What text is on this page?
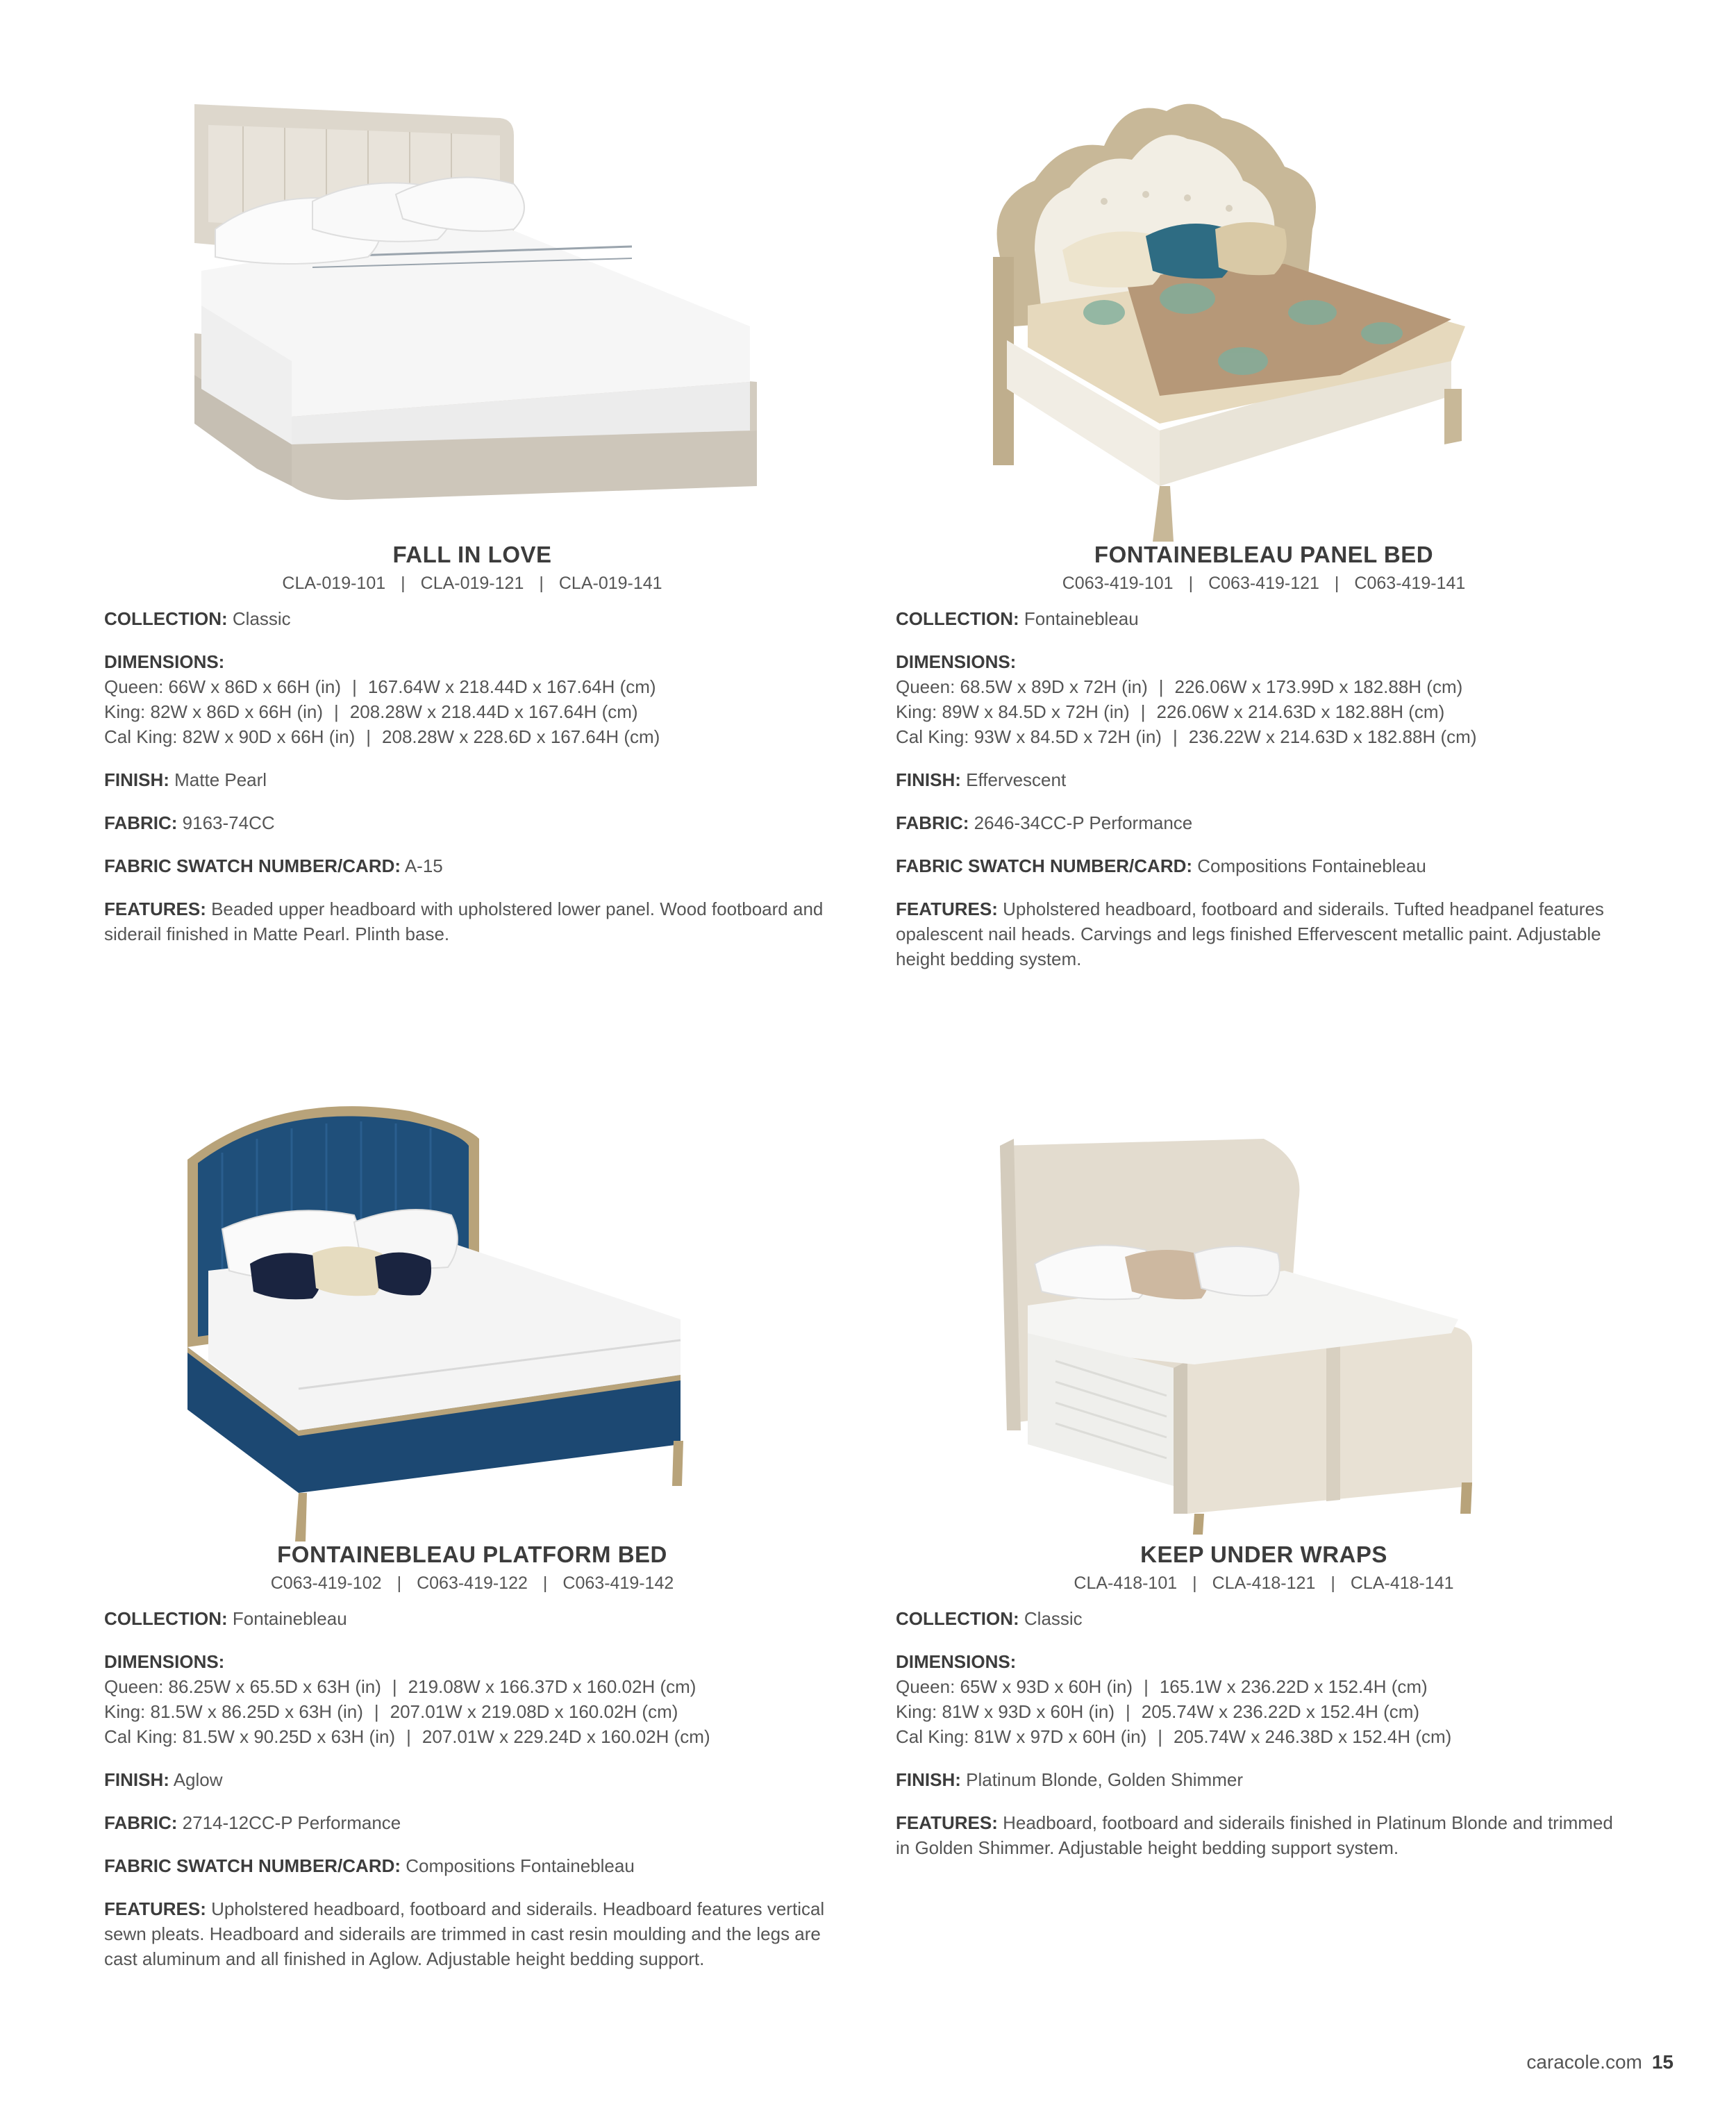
FALL IN LOVE
CLA-019-101 | CLA-019-121 | CLA-019-141
COLLECTION: Classic
DIMENSIONS:
Queen: 66W x 86D x 66H (in) | 167.64W x 218.44D x 167.64H (cm)
King: 82W x 86D x 66H (in) | 208.28W x 218.44D x 167.64H (cm)
Cal King: 82W x 90D x 66H (in) | 208.28W x 228.6D x 167.64H (cm)
FINISH: Matte Pearl
FABRIC: 9163-74CC
FABRIC SWATCH NUMBER/CARD: A-15
FEATURES: Beaded upper headboard with upholstered lower panel. Wood footboard and siderail finished in Matte Pearl. Plinth base.
FONTAINEBLEAU PANEL BED
C063-419-101 | C063-419-121 | C063-419-141
COLLECTION: Fontainebleau
DIMENSIONS:
Queen: 68.5W x 89D x 72H (in) | 226.06W x 173.99D x 182.88H (cm)
King: 89W x 84.5D x 72H (in) | 226.06W x 214.63D x 182.88H (cm)
Cal King: 93W x 84.5D x 72H (in) | 236.22W x 214.63D x 182.88H (cm)
FINISH: Effervescent
FABRIC: 2646-34CC-P Performance
FABRIC SWATCH NUMBER/CARD: Compositions Fontainebleau
FEATURES: Upholstered headboard, footboard and siderails. Tufted headpanel features opalescent nail heads. Carvings and legs finished Effervescent metallic paint. Adjustable height bedding system.
FONTAINEBLEAU PLATFORM BED
C063-419-102 | C063-419-122 | C063-419-142
COLLECTION: Fontainebleau
DIMENSIONS:
Queen: 86.25W x 65.5D x 63H (in) | 219.08W x 166.37D x 160.02H (cm)
King: 81.5W x 86.25D x 63H (in) | 207.01W x 219.08D x 160.02H (cm)
Cal King: 81.5W x 90.25D x 63H (in) | 207.01W x 229.24D x 160.02H (cm)
FINISH: Aglow
FABRIC: 2714-12CC-P Performance
FABRIC SWATCH NUMBER/CARD: Compositions Fontainebleau
FEATURES: Upholstered headboard, footboard and siderails. Headboard features vertical sewn pleats. Headboard and siderails are trimmed in cast resin moulding and the legs are cast aluminum and all finished in Aglow. Adjustable height bedding support.
KEEP UNDER WRAPS
CLA-418-101 | CLA-418-121 | CLA-418-141
COLLECTION: Classic
DIMENSIONS:
Queen: 65W x 93D x 60H (in) | 165.1W x 236.22D x 152.4H (cm)
King: 81W x 93D x 60H (in) | 205.74W x 236.22D x 152.4H (cm)
Cal King: 81W x 97D x 60H (in) | 205.74W x 246.38D x 152.4H (cm)
FINISH: Platinum Blonde, Golden Shimmer
FEATURES: Headboard, footboard and siderails finished in Platinum Blonde and trimmed in Golden Shimmer. Adjustable height bedding support system.
caracole.com 15
